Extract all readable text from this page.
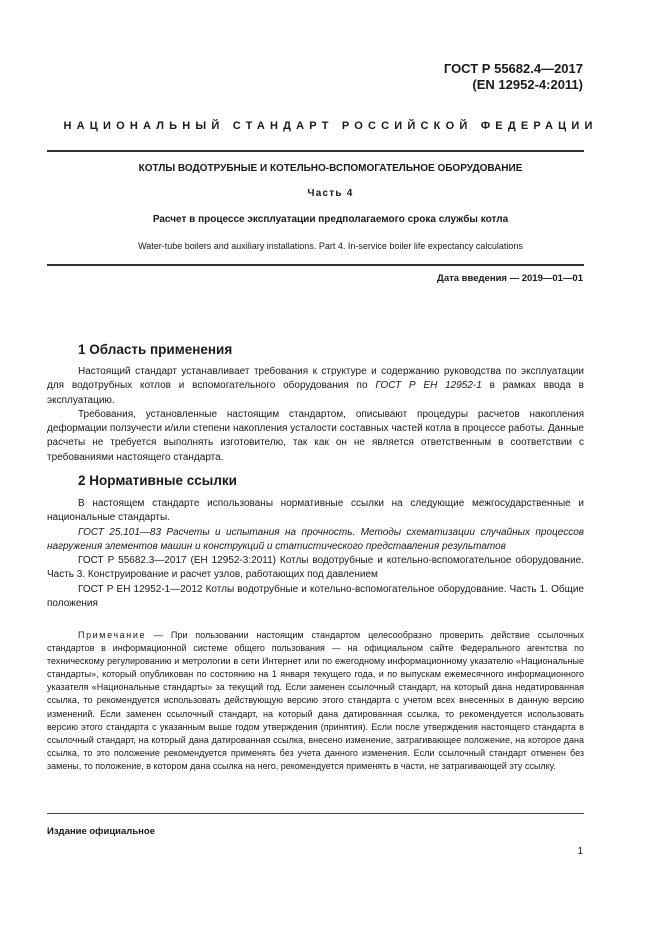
ГОСТ Р 55682.4—2017
(EN 12952-4:2011)
НАЦИОНАЛЬНЫЙ СТАНДАРТ РОССИЙСКОЙ ФЕДЕРАЦИИ
КОТЛЫ ВОДОТРУБНЫЕ И КОТЕЛЬНО-ВСПОМОГАТЕЛЬНОЕ ОБОРУДОВАНИЕ
Часть 4
Расчет в процессе эксплуатации предполагаемого срока службы котла
Water-tube boilers and auxiliary installations. Part 4. In-service boiler life expectancy calculations
Дата введения — 2019—01—01
1 Область применения

Настоящий стандарт устанавливает требования к структуре и содержанию руководства по эксплуатации для водотрубных котлов и вспомогательного оборудования по ГОСТ Р ЕН 12952-1 в рамках ввода в эксплуатацию.

Требования, установленные настоящим стандартом, описывают процедуры расчетов накопления деформации ползучести и/или степени накопления усталости составных частей котла в процессе работы. Данные расчеты не требуется выполнять изготовителю, так как он не является ответственным в соответствии с требованиями настоящего стандарта.

2 Нормативные ссылки

В настоящем стандарте использованы нормативные ссылки на следующие межгосударственные и национальные стандарты.

ГОСТ 25.101—83 Расчеты и испытания на прочность. Методы схематизации случайных процессов нагружения элементов машин и конструкций и статистического представления результатов

ГОСТ Р 55682.3—2017 (ЕН 12952-3:2011) Котлы водотрубные и котельно-вспомогательное оборудование. Часть 3. Конструирование и расчет узлов, работающих под давлением

ГОСТ Р ЕН 12952-1—2012 Котлы водотрубные и котельно-вспомогательное оборудование. Часть 1. Общие положения

Примечание — При пользовании настоящим стандартом целесообразно проверить действие ссылочных стандартов в информационной системе общего пользования — на официальном сайте Федерального агентства по техническому регулированию и метрологии в сети Интернет или по ежегодному информационному указателю «Национальные стандарты», который опубликован по состоянию на 1 января текущего года, и по выпускам ежемесячного информационного указателя «Национальные стандарты» за текущий год. Если заменен ссылочный стандарт, на который дана недатированная ссылка, то рекомендуется использовать действующую версию этого стандарта с учетом всех внесенных в данную версию изменений. Если заменен ссылочный стандарт, на который дана датированная ссылка, то рекомендуется использовать версию этого стандарта с указанным выше годом утверждения (принятия). Если после утверждения настоящего стандарта в ссылочный стандарт, на который дана датированная ссылка, внесено изменение, затрагивающее положение, на которое дана ссылка, то это положение рекомендуется применять без учета данного изменения. Если ссылочный стандарт отменен без замены, то положение, в котором дана ссылка на него, рекомендуется применять в части, не затрагивающей эту ссылку.

Издание официальное
1
